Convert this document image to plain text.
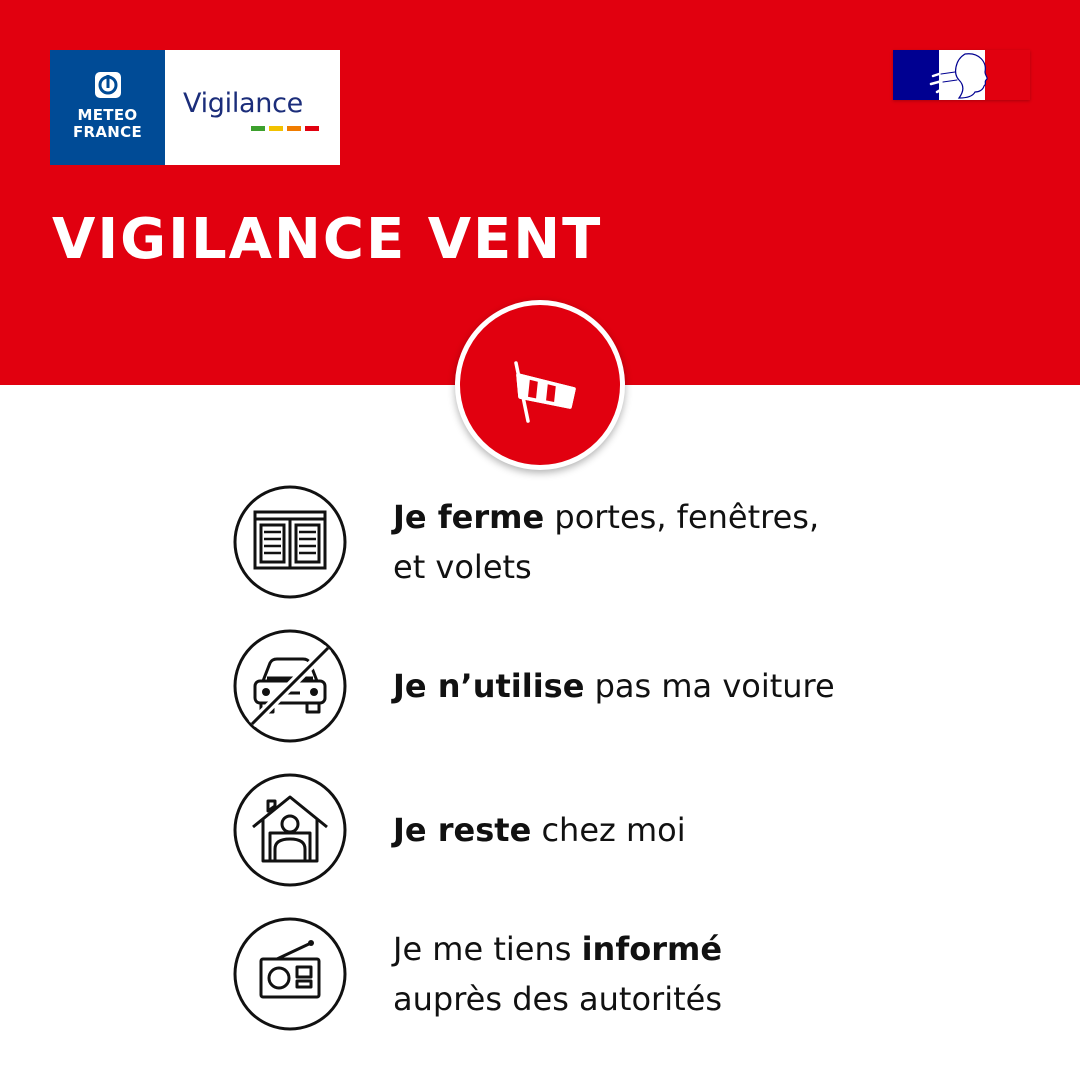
METEO
FRANCE
Vigilance
VIGILANCE VENT
Je ferme portes, fenêtres,
et volets
Je n’utilise pas ma voiture
Je reste chez moi
Je me tiens informé
auprès des autorités
